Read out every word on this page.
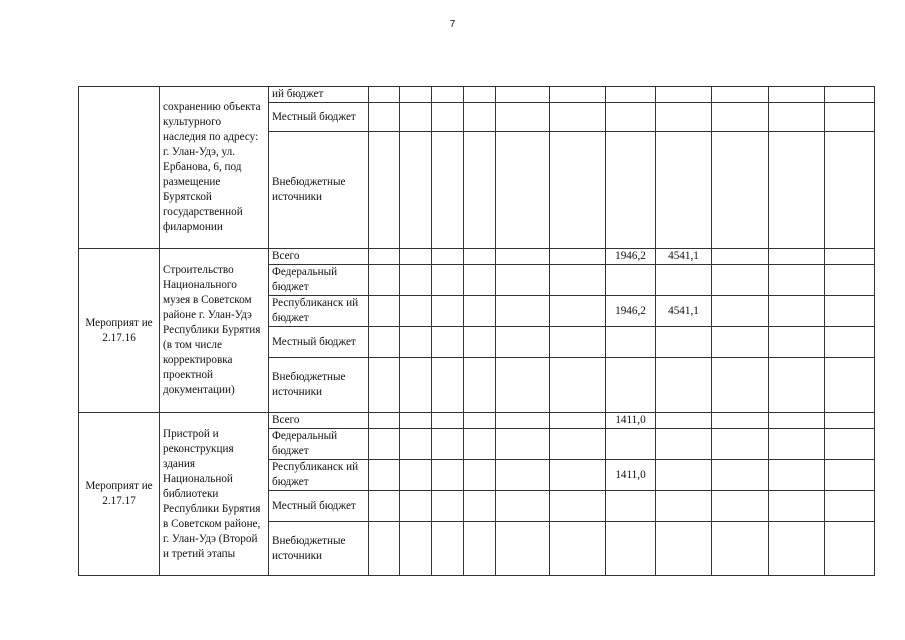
7
	сохранению объекта культурного наследия по адресу: г. Улан-Удэ, ул. Ербанова, 6, под размещение Бурятской государственной филармонии	ий бюджет											
		Местный бюджет											
		Внебюджетные источники											
Мероприят ие 2.17.16	Строительство Национального музея в Советском районе г. Улан-Удэ Республики Бурятия (в том числе корректировка проектной документации)	Всего							1946,2	4541,1			
		Федеральный бюджет											
		Республиканск ий бюджет							1946,2	4541,1			
		Местный бюджет											
		Внебюджетные источники											
Мероприят ие 2.17.17	Пристрой и реконструкция здания Национальной библиотеки Республики Бурятия в Советском районе, г. Улан-Удэ (Второй и третий этапы	Всего							1411,0				
		Федеральный бюджет											
		Республиканск ий бюджет							1411,0				
		Местный бюджет											
		Внебюджетные источники											
